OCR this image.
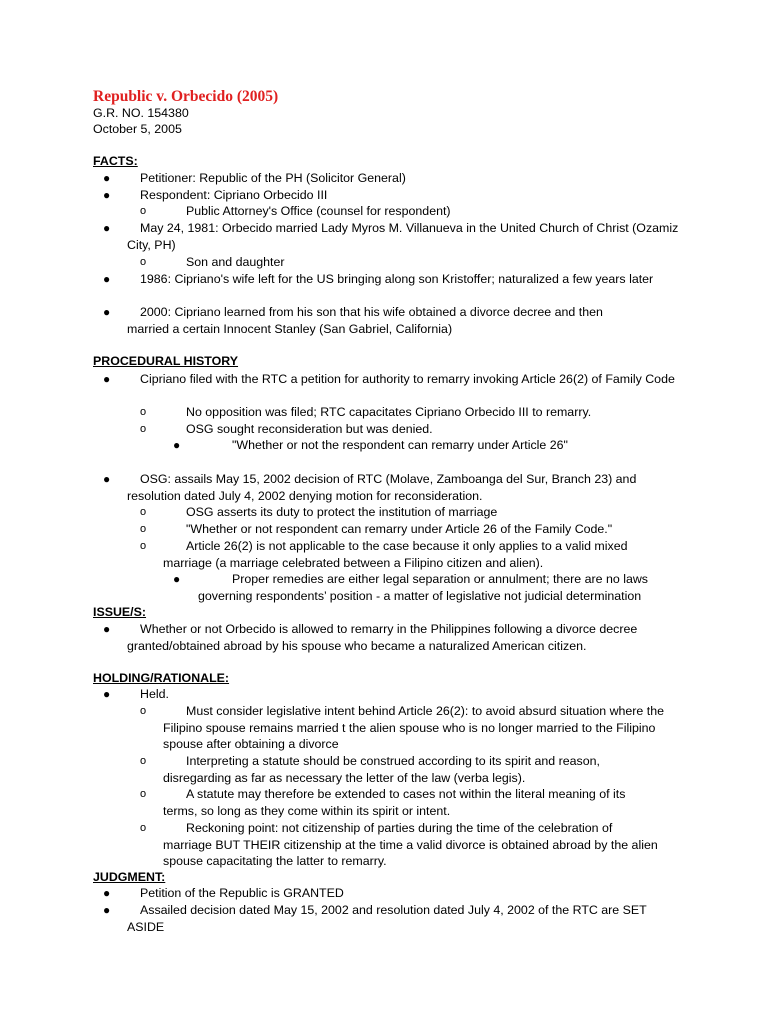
Republic v. Orbecido (2005)
G.R. NO. 154380
October 5, 2005
FACTS:
●	Petitioner: Republic of the PH (Solicitor General)
●	Respondent: Cipriano Orbecido III
o	Public Attorney's Office (counsel for respondent)
●	May 24, 1981: Orbecido married Lady Myros M. Villanueva in the United Church of Christ (Ozamiz City, PH)
o	Son and daughter
●	1986: Cipriano's wife left for the US bringing along son Kristoffer; naturalized a few years later
●	2000: Cipriano learned from his son that his wife obtained a divorce decree and then married a certain Innocent Stanley (San Gabriel, California)
PROCEDURAL HISTORY
●	Cipriano filed with the RTC a petition for authority to remarry invoking Article 26(2) of Family Code
o	No opposition was filed; RTC capacitates Cipriano Orbecido III to remarry.
o	OSG sought reconsideration but was denied.
●	"Whether or not the respondent can remarry under Article 26"
●	OSG: assails May 15, 2002 decision of RTC (Molave, Zamboanga del Sur, Branch 23) and resolution dated July 4, 2002 denying motion for reconsideration.
o	OSG asserts its duty to protect the institution of marriage
o	"Whether or not respondent can remarry under Article 26 of the Family Code."
o	Article 26(2) is not applicable to the case because it only applies to a valid mixed marriage (a marriage celebrated between a Filipino citizen and alien).
●	Proper remedies are either legal separation or annulment; there are no laws governing respondents’ position - a matter of legislative not judicial determination
ISSUE/S:
●	Whether or not Orbecido is allowed to remarry in the Philippines following a divorce decree granted/obtained abroad by his spouse who became a naturalized American citizen.
HOLDING/RATIONALE:
●	Held.
o	Must consider legislative intent behind Article 26(2): to avoid absurd situation where the Filipino spouse remains married t the alien spouse who is no longer married to the Filipino spouse after obtaining a divorce
o	Interpreting a statute should be construed according to its spirit and reason, disregarding as far as necessary the letter of the law (verba legis).
o	A statute may therefore be extended to cases not within the literal meaning of its terms, so long as they come within its spirit or intent.
o	Reckoning point: not citizenship of parties during the time of the celebration of marriage BUT THEIR citizenship at the time a valid divorce is obtained abroad by the alien spouse capacitating the latter to remarry.
JUDGMENT:
●	Petition of the Republic is GRANTED
●	Assailed decision dated May 15, 2002 and resolution dated July 4, 2002 of the RTC are SET ASIDE
